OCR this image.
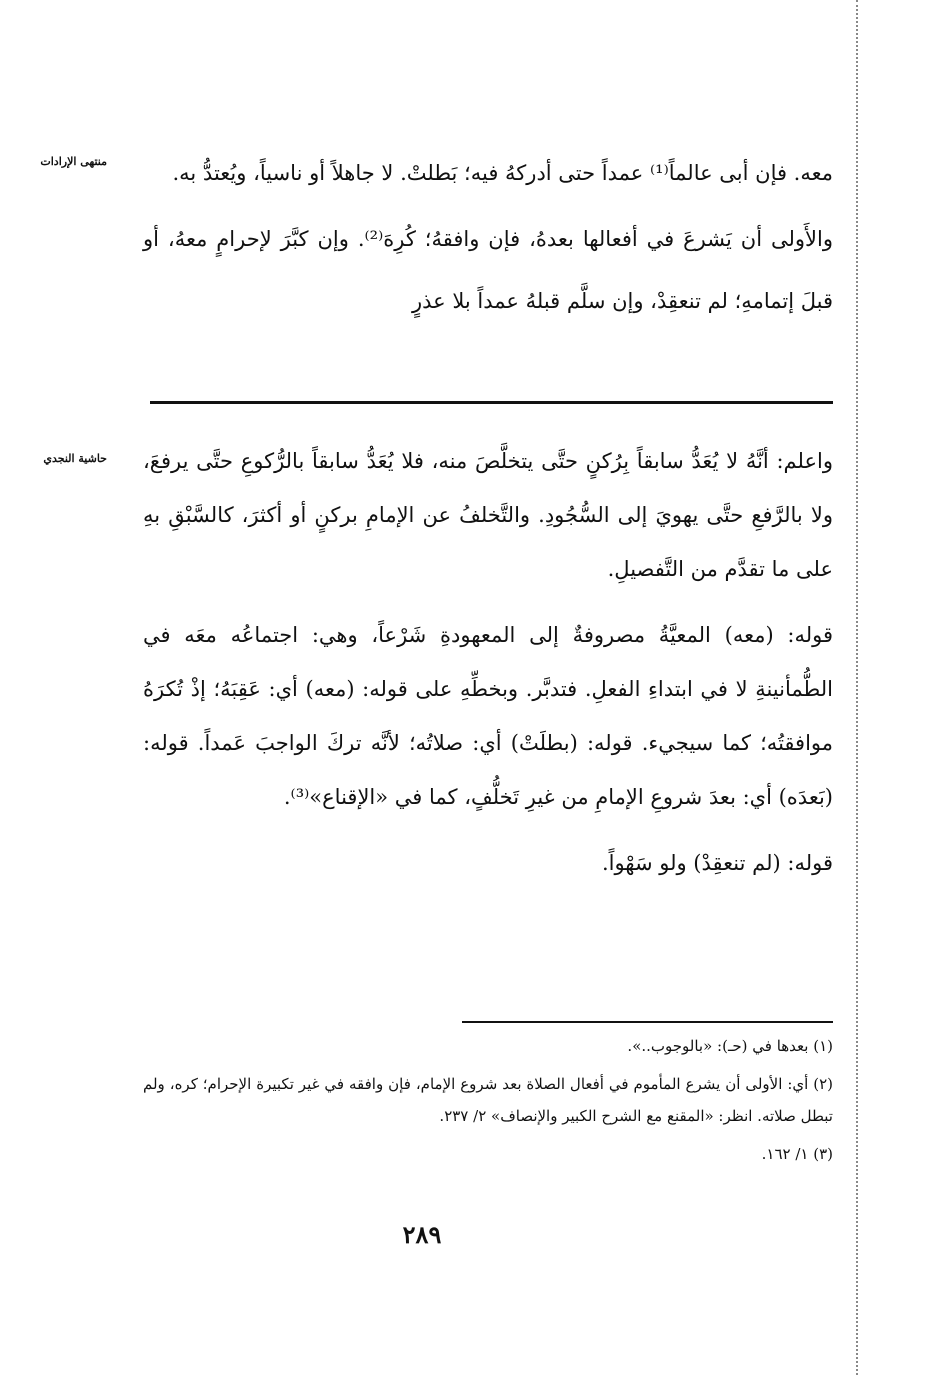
منتهى الإرادات
حاشية النجدي

معه. فإن أبى عالماً⁽¹⁾ عمداً حتى أدركهُ فيه؛ بَطلتْ. لا جاهلاً أو ناسياً، ويُعتدُّ به.

والأَولى أن يَشرعَ في أفعالها بعدهُ، فإن وافقهُ؛ كُرِهَ⁽²⁾. وإن كبَّرَ لإحرامٍ معهُ، أو قبلَ إتمامهِ؛ لم تنعقِدْ، وإن سلَّم قبلهُ عمداً بلا عذرٍ

واعلم: أنَّهُ لا يُعَدُّ سابقاً بِرُكنٍ حتَّى يتخلَّصَ منه، فلا يُعَدُّ سابقاً بالرُّكوعِ حتَّى يرفعَ، ولا بالرَّفعِ حتَّى يهويَ إلى السُّجُودِ. والتَّخلفُ عن الإمامِ بركنٍ أو أكثرَ، كالسَّبْقِ بهِ على ما تقدَّم من التَّفصيلِ.

قوله: (معه) المعيَّةُ مصروفةٌ إلى المعهودةِ شَرْعاً، وهي: اجتماعُه معَه في الطُّمأنينةِ لا في ابتداءِ الفعلِ. فتدبَّر. وبخطِّهِ على قوله: (معه) أي: عَقِبَهُ؛ إذْ تُكرَهُ موافقتُه؛ كما سيجيء. قوله: (بطلَتْ) أي: صلاتُه؛ لأنَّه تركَ الواجبَ عَمداً. قوله: (بَعدَه) أي: بعدَ شروعِ الإمامِ من غيرِ تَخلُّفٍ، كما في «الإقناع»⁽³⁾.

قوله: (لم تنعقِدْ) ولو سَهْواً.

(١) بعدها في (حـ): «بالوجوب..».

(٢) أي: الأولى أن يشرع المأموم في أفعال الصلاة بعد شروع الإمام، فإن وافقه في غير تكبيرة الإحرام؛ كره، ولم تبطل صلاته. انظر: «المقنع مع الشرح الكبير والإنصاف» ٢/ ٢٣٧.

(٣) ١/ ١٦٢.

٢٨٩
